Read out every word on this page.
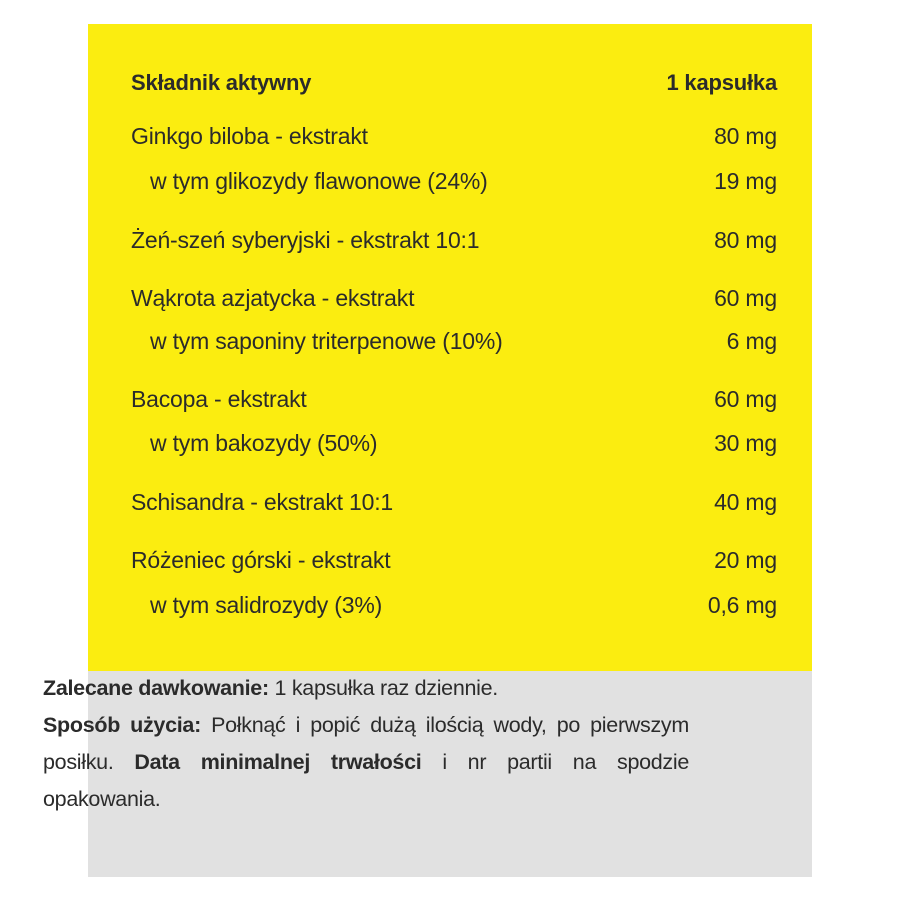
Składnik aktywny	1 kapsułka
Ginkgo biloba - ekstrakt	80 mg
w tym glikozydy flawonowe (24%)	19 mg
Żeń-szeń syberyjski - ekstrakt 10:1	80 mg
Wąkrota azjatycka - ekstrakt	60 mg
w tym saponiny triterpenowe (10%)	6 mg
Bacopa - ekstrakt	60 mg
w tym bakozydy (50%)	30 mg
Schisandra - ekstrakt 10:1	40 mg
Różeniec górski - ekstrakt	20 mg
w tym salidrozydy (3%)	0,6 mg

Zalecane dawkowanie: 1 kapsułka raz dziennie.

Sposób użycia: Połknąć i popić dużą ilością wody, po pierwszym posiłku. Data minimalnej trwałości i nr partii na spodzie opakowania.
